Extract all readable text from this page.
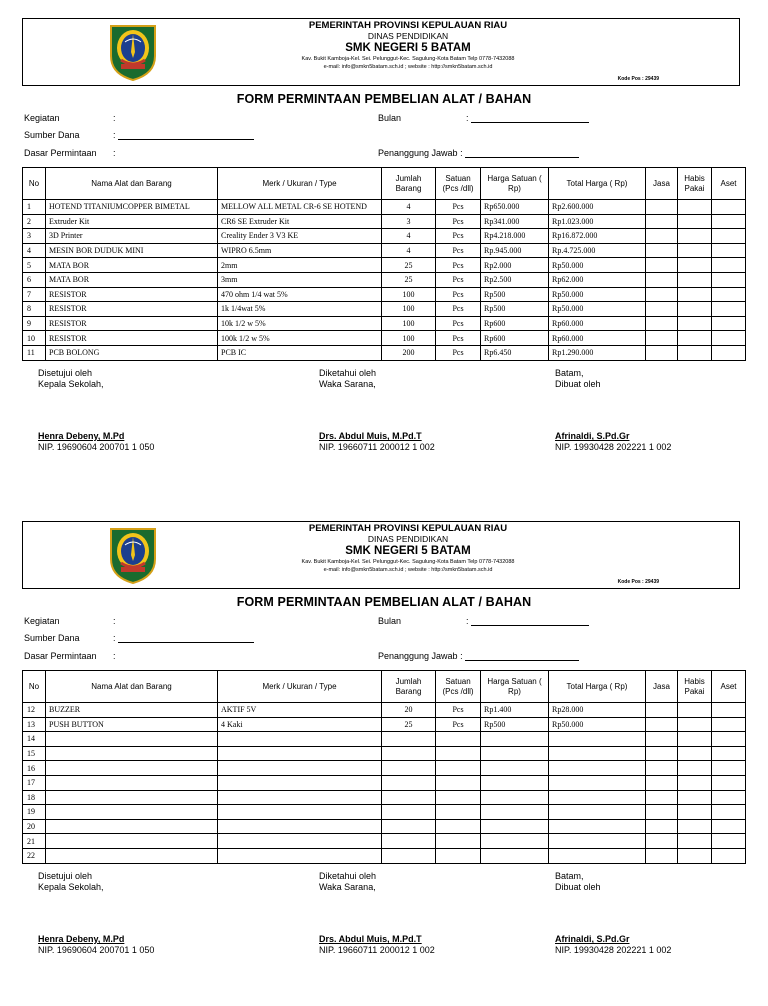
PEMERINTAH PROVINSI KEPULAUAN RIAU
DINAS PENDIDIKAN
SMK NEGERI 5 BATAM
Kav. Bukit Kamboja-Kel. Sei. Pelunggut-Kec. Sagulung-Kota Batam Telp 0778-7432088
e-mail: info@smkn5batam.sch.id ; website : http://smkn5batam.sch.id
Kode Pos : 29439
FORM PERMINTAAN PEMBELIAN ALAT / BAHAN
Kegiatan	:
Sumber Dana	:
Dasar Permintaan :
Bulan	:
Penanggung Jawab :
No	Nama Alat dan Barang	Merk / Ukuran / Type	Jumlah Barang	Satuan (Pcs /dll)	Harga Satuan ( Rp)	Total Harga ( Rp)	Jasa	Habis Pakai	Aset
1	HOTEND TITANIUMCOPPER BIMETAL	MELLOW ALL METAL CR-6 SE HOTEND	4	Pcs	Rp650.000	Rp2.600.000			
2	Extruder Kit	CR6 SE Extruder Kit	3	Pcs	Rp341.000	Rp1.023.000			
3	3D Printer	Creality Ender 3 V3 KE	4	Pcs	Rp4.218.000	Rp16.872.000			
4	MESIN BOR DUDUK MINI	WIPRO 6.5mm	4	Pcs	Rp.945.000	Rp.4.725.000			
5	MATA BOR	2mm	25	Pcs	Rp2.000	Rp50.000			
6	MATA BOR	3mm	25	Pcs	Rp2.500	Rp62.000			
7	RESISTOR	470 ohm 1/4 wat 5%	100	Pcs	Rp500	Rp50.000			
8	RESISTOR	1k 1/4wat 5%	100	Pcs	Rp500	Rp50.000			
9	RESISTOR	10k 1/2 w 5%	100	Pcs	Rp600	Rp60.000			
10	RESISTOR	100k 1/2 w 5%	100	Pcs	Rp600	Rp60.000			
11	PCB BOLONG	PCB IC	200	Pcs	Rp6.450	Rp1.290.000			
Disetujui oleh
Kepala Sekolah,
Henra Debeny, M.Pd
NIP. 19690604 200701 1 050
Diketahui oleh
Waka Sarana,
Drs. Abdul Muis, M.Pd.T
NIP. 19660711 200012 1 002
Batam,
Dibuat oleh
Afrinaldi, S.Pd.Gr
NIP. 19930428 202221 1 002
PEMERINTAH PROVINSI KEPULAUAN RIAU
DINAS PENDIDIKAN
SMK NEGERI 5 BATAM
Kav. Bukit Kamboja-Kel. Sei. Pelunggut-Kec. Sagulung-Kota Batam Telp 0778-7432088
e-mail: info@smkn5batam.sch.id ; website : http://smkn5batam.sch.id
Kode Pos : 29439
FORM PERMINTAAN PEMBELIAN ALAT / BAHAN
Kegiatan	:
Sumber Dana	:
Dasar Permintaan :
Bulan	:
Penanggung Jawab :
No	Nama Alat dan Barang	Merk / Ukuran / Type	Jumlah Barang	Satuan (Pcs /dll)	Harga Satuan ( Rp)	Total Harga ( Rp)	Jasa	Habis Pakai	Aset
12	BUZZER	AKTIF 5V	20	Pcs	Rp1.400	Rp28.000			
13	PUSH BUTTON	4 Kaki	25	Pcs	Rp500	Rp50.000			
14									
15									
16									
17									
18									
19									
20									
21									
22									
Disetujui oleh
Kepala Sekolah,
Henra Debeny, M.Pd
NIP. 19690604 200701 1 050
Diketahui oleh
Waka Sarana,
Drs. Abdul Muis, M.Pd.T
NIP. 19660711 200012 1 002
Batam,
Dibuat oleh
Afrinaldi, S.Pd.Gr
NIP. 19930428 202221 1 002
